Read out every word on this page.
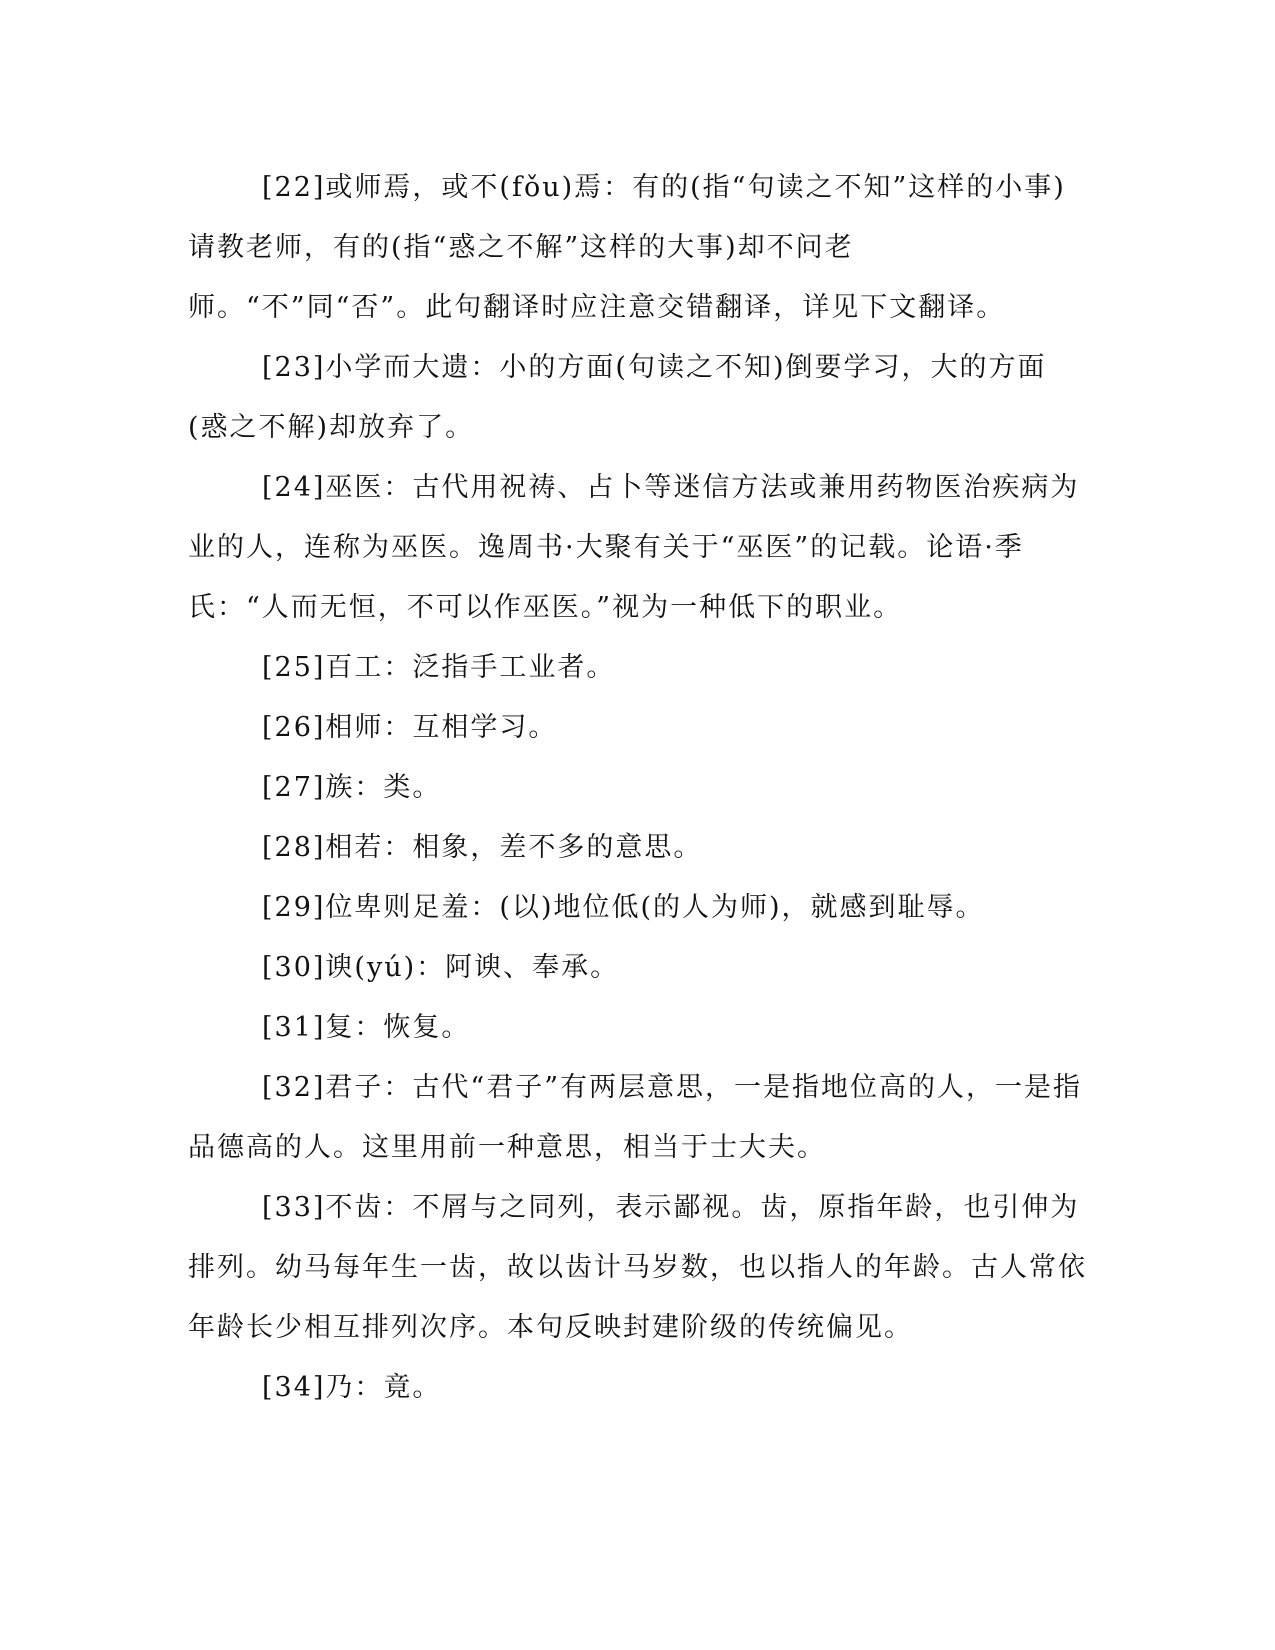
[22]或师焉，或不(fǒu)焉：有的(指“句读之不知”这样的小事)请教老师，有的(指“惑之不解”这样的大事)却不问老师。“不”同“否”。此句翻译时应注意交错翻译，详见下文翻译。

[23]小学而大遗：小的方面(句读之不知)倒要学习，大的方面(惑之不解)却放弃了。

[24]巫医：古代用祝祷、占卜等迷信方法或兼用药物医治疾病为业的人，连称为巫医。逸周书·大聚有关于“巫医”的记载。论语·季氏：“人而无恒，不可以作巫医。”视为一种低下的职业。

[25]百工：泛指手工业者。

[26]相师：互相学习。

[27]族：类。

[28]相若：相象，差不多的意思。

[29]位卑则足羞：(以)地位低(的人为师)，就感到耻辱。

[30]谀(yú)：阿谀、奉承。

[31]复：恢复。

[32]君子：古代“君子”有两层意思，一是指地位高的人，一是指品德高的人。这里用前一种意思，相当于士大夫。

[33]不齿：不屑与之同列，表示鄙视。齿，原指年龄，也引伸为排列。幼马每年生一齿，故以齿计马岁数，也以指人的年龄。古人常依年龄长少相互排列次序。本句反映封建阶级的传统偏见。

[34]乃：竟。
